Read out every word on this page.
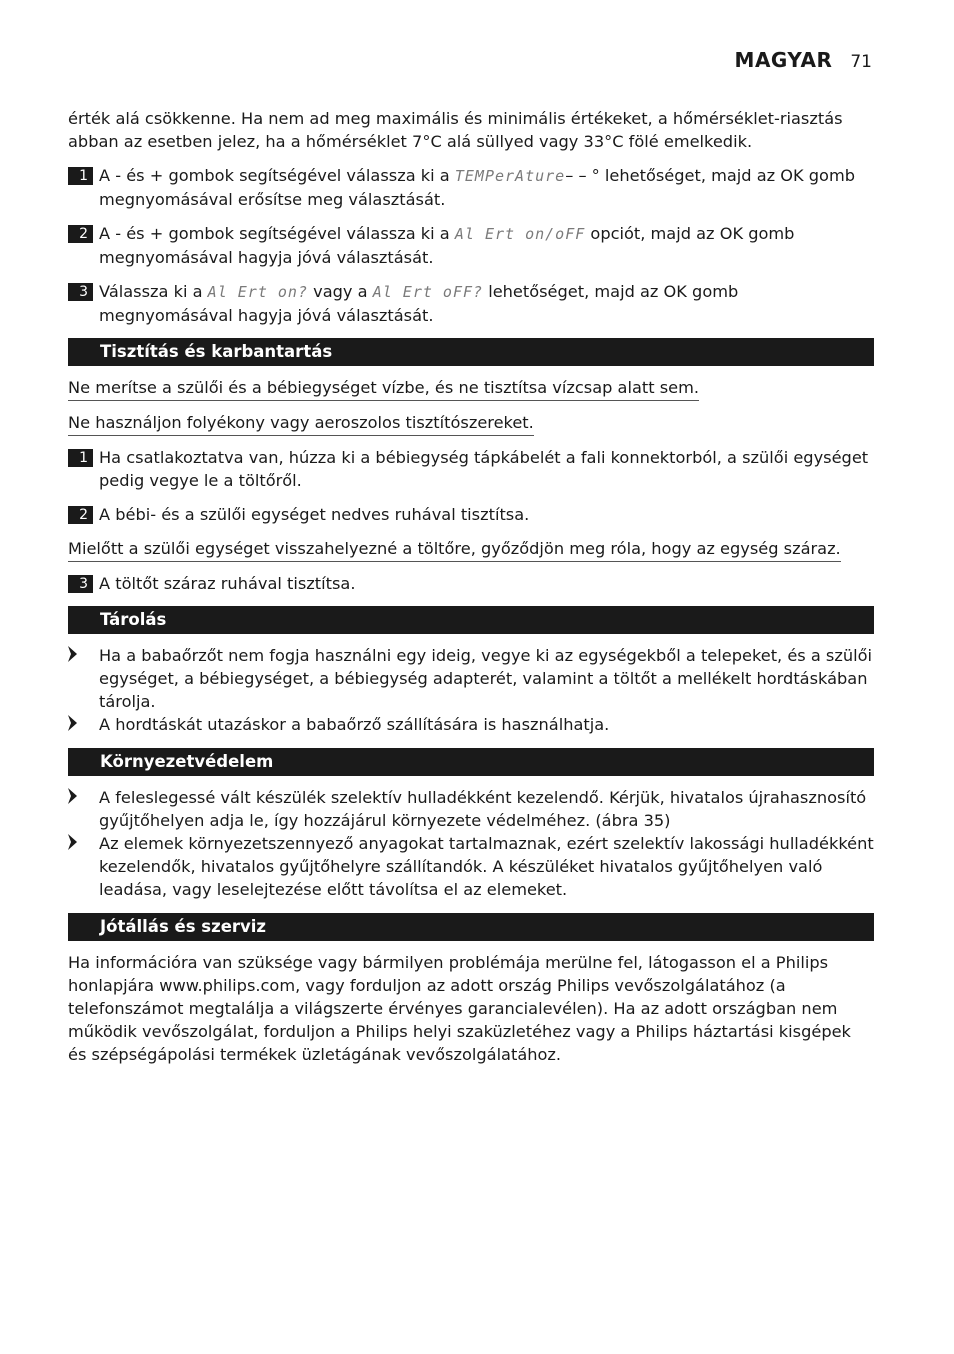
MAGYAR 71

érték alá csökkenne. Ha nem ad meg maximális és minimális értékeket, a hőmérséklet-riasztás abban az esetben jelez, ha a hőmérséklet 7°C alá süllyed vagy 33°C fölé emelkedik.

1 A - és + gombok segítségével válassza ki a TEMPerAture– – ° lehetőséget, majd az OK gomb megnyomásával erősítse meg választását.
2 A - és + gombok segítségével válassza ki a Al Ert on/oFF opciót, majd az OK gomb megnyomásával hagyja jóvá választását.
3 Válassza ki a Al Ert on? vagy a Al Ert oFF? lehetőséget, majd az OK gomb megnyomásával hagyja jóvá választását.
Tisztítás és karbantartás
Ne merítse a szülői és a bébiegységet vízbe, és ne tisztítsa vízcsap alatt sem.
Ne használjon folyékony vagy aeroszolos tisztítószereket.
1 Ha csatlakoztatva van, húzza ki a bébiegység tápkábelét a fali konnektorból, a szülői egységet pedig vegye le a töltőről.
2 A bébi- és a szülői egységet nedves ruhával tisztítsa.
Mielőtt a szülői egységet visszahelyezné a töltőre, győződjön meg róla, hogy az egység száraz.
3 A töltőt száraz ruhával tisztítsa.
Tárolás
Ha a babaőrzőt nem fogja használni egy ideig, vegye ki az egységekből a telepeket, és a szülői egységet, a bébiegységet, a bébiegység adapterét, valamint a töltőt a mellékelt hordtáskában tárolja.
A hordtáskát utazáskor a babaőrző szállítására is használhatja.
Környezetvédelem
A feleslegessé vált készülék szelektív hulladékként kezelendő. Kérjük, hivatalos újrahasznosító gyűjtőhelyen adja le, így hozzájárul környezete védelméhez. (ábra 35)
Az elemek környezetszennyező anyagokat tartalmaznak, ezért szelektív lakossági hulladékként kezelendők, hivatalos gyűjtőhelyre szállítandók. A készüléket hivatalos gyűjtőhelyen való leadása, vagy leselejtezése előtt távolítsa el az elemeket.
Jótállás és szerviz

Ha információra van szüksége vagy bármilyen problémája merülne fel, látogasson el a Philips honlapjára www.philips.com, vagy forduljon az adott ország Philips vevőszolgálatához (a telefonszámot megtalálja a világszerte érvényes garancialevélen). Ha az adott országban nem működik vevőszolgálat, forduljon a Philips helyi szaküzletéhez vagy a Philips háztartási kisgépek és szépségápolási termékek üzletágának vevőszolgálatához.
